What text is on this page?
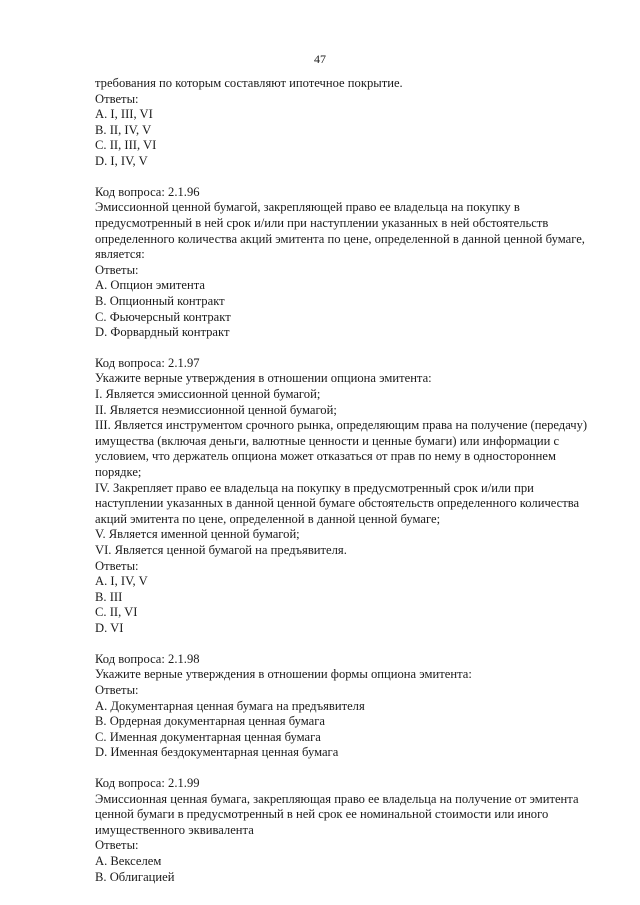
47
требования по которым составляют ипотечное покрытие.
Ответы:
A. I, III, VI
B. II, IV, V
C. II, III, VI
D. I, IV, V
Код вопроса: 2.1.96
Эмиссионной ценной бумагой, закрепляющей право ее владельца на покупку в
предусмотренный в ней срок и/или при наступлении указанных в ней обстоятельств
определенного количества акций эмитента по цене, определенной в данной ценной бумаге,
является:
Ответы:
A. Опцион эмитента
B. Опционный контракт
C. Фьючерсный контракт
D. Форвардный контракт
Код вопроса: 2.1.97
Укажите верные утверждения в отношении опциона эмитента:
I. Является эмиссионной ценной бумагой;
II. Является неэмиссионной ценной бумагой;
III. Является инструментом срочного рынка, определяющим права на получение (передачу)
имущества (включая деньги, валютные ценности и ценные бумаги) или информации с
условием, что держатель опциона может отказаться от прав по нему в одностороннем
порядке;
IV. Закрепляет право ее владельца на покупку в предусмотренный срок и/или при
наступлении указанных в данной ценной бумаге обстоятельств определенного количества
акций эмитента по цене, определенной в данной ценной бумаге;
V. Является именной ценной бумагой;
VI. Является ценной бумагой на предъявителя.
Ответы:
A. I, IV, V
B. III
C. II, VI
D. VI
Код вопроса: 2.1.98
Укажите верные утверждения в отношении формы опциона эмитента:
Ответы:
A. Документарная ценная бумага на предъявителя
B. Ордерная документарная ценная бумага
C. Именная документарная ценная бумага
D. Именная бездокументарная ценная бумага
Код вопроса: 2.1.99
Эмиссионная ценная бумага, закрепляющая право ее владельца на получение от эмитента
ценной бумаги в предусмотренный в ней срок ее номинальной стоимости или иного
имущественного эквивалента
Ответы:
A. Векселем
B. Облигацией
